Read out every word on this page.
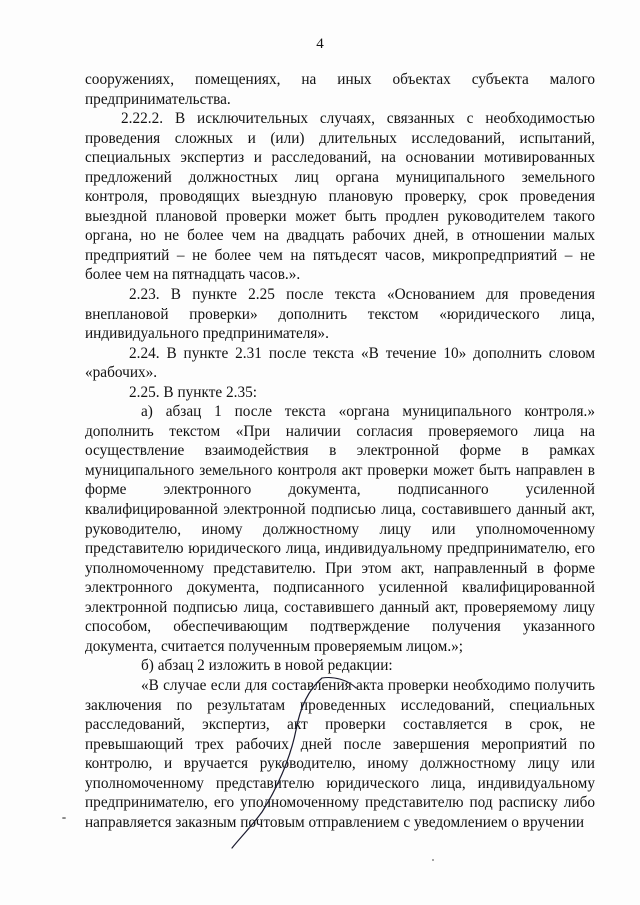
4

сооружениях, помещениях, на иных объектах субъекта малого предпринимательства.

2.22.2. В исключительных случаях, связанных с необходимостью проведения сложных и (или) длительных исследований, испытаний, специальных экспертиз и расследований, на основании мотивированных предложений должностных лиц органа муниципального земельного контроля, проводящих выездную плановую проверку, срок проведения выездной плановой проверки может быть продлен руководителем такого органа, но не более чем на двадцать рабочих дней, в отношении малых предприятий – не более чем на пятьдесят часов, микропредприятий – не более чем на пятнадцать часов.».

2.23. В пункте 2.25 после текста «Основанием для проведения внеплановой проверки» дополнить текстом «юридического лица, индивидуального предпринимателя».

2.24. В пункте 2.31 после текста «В течение 10» дополнить словом «рабочих».

2.25. В пункте 2.35:

а) абзац 1 после текста «органа муниципального контроля.» дополнить текстом «При наличии согласия проверяемого лица на осуществление взаимодействия в электронной форме в рамках муниципального земельного контроля акт проверки может быть направлен в форме электронного документа, подписанного усиленной квалифицированной электронной подписью лица, составившего данный акт, руководителю, иному должностному лицу или уполномоченному представителю юридического лица, индивидуальному предпринимателю, его уполномоченному представителю. При этом акт, направленный в форме электронного документа, подписанного усиленной квалифицированной электронной подписью лица, составившего данный акт, проверяемому лицу способом, обеспечивающим подтверждение получения указанного документа, считается полученным проверяемым лицом.»;

б) абзац 2 изложить в новой редакции:

«В случае если для составления акта проверки необходимо получить заключения по результатам проведенных исследований, специальных расследований, экспертиз, акт проверки составляется в срок, не превышающий трех рабочих дней после завершения мероприятий по контролю, и вручается руководителю, иному должностному лицу или уполномоченному представителю юридического лица, индивидуальному предпринимателю, его уполномоченному представителю под расписку либо направляется заказным почтовым отправлением с уведомлением о вручении
